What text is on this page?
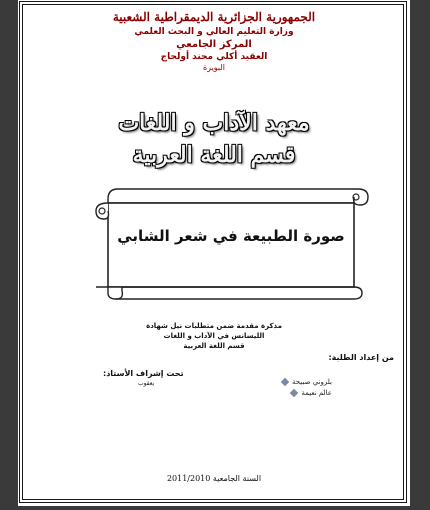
الجمهورية الجزائرية الديمقراطية الشعبية
وزارة التعليم العالي و البحث العلمي
المركز الجامعي
العقيد أكلي محند أولحاج
البويرة
معهد الآداب و اللغات
قسم اللغة العربية
صورة الطبيعة في شعر الشابي
مذكرة مقدمة ضمن متطلبات نيل شهادة
الليسانس في الآداب و اللغات
قسم اللغة العربية
من إعداد الطلبة:
بلروني صبيحة
عالم نعيمة
تحت إشراف الأستاذ:
يعقوب
2011/2010 السنة الجامعية
